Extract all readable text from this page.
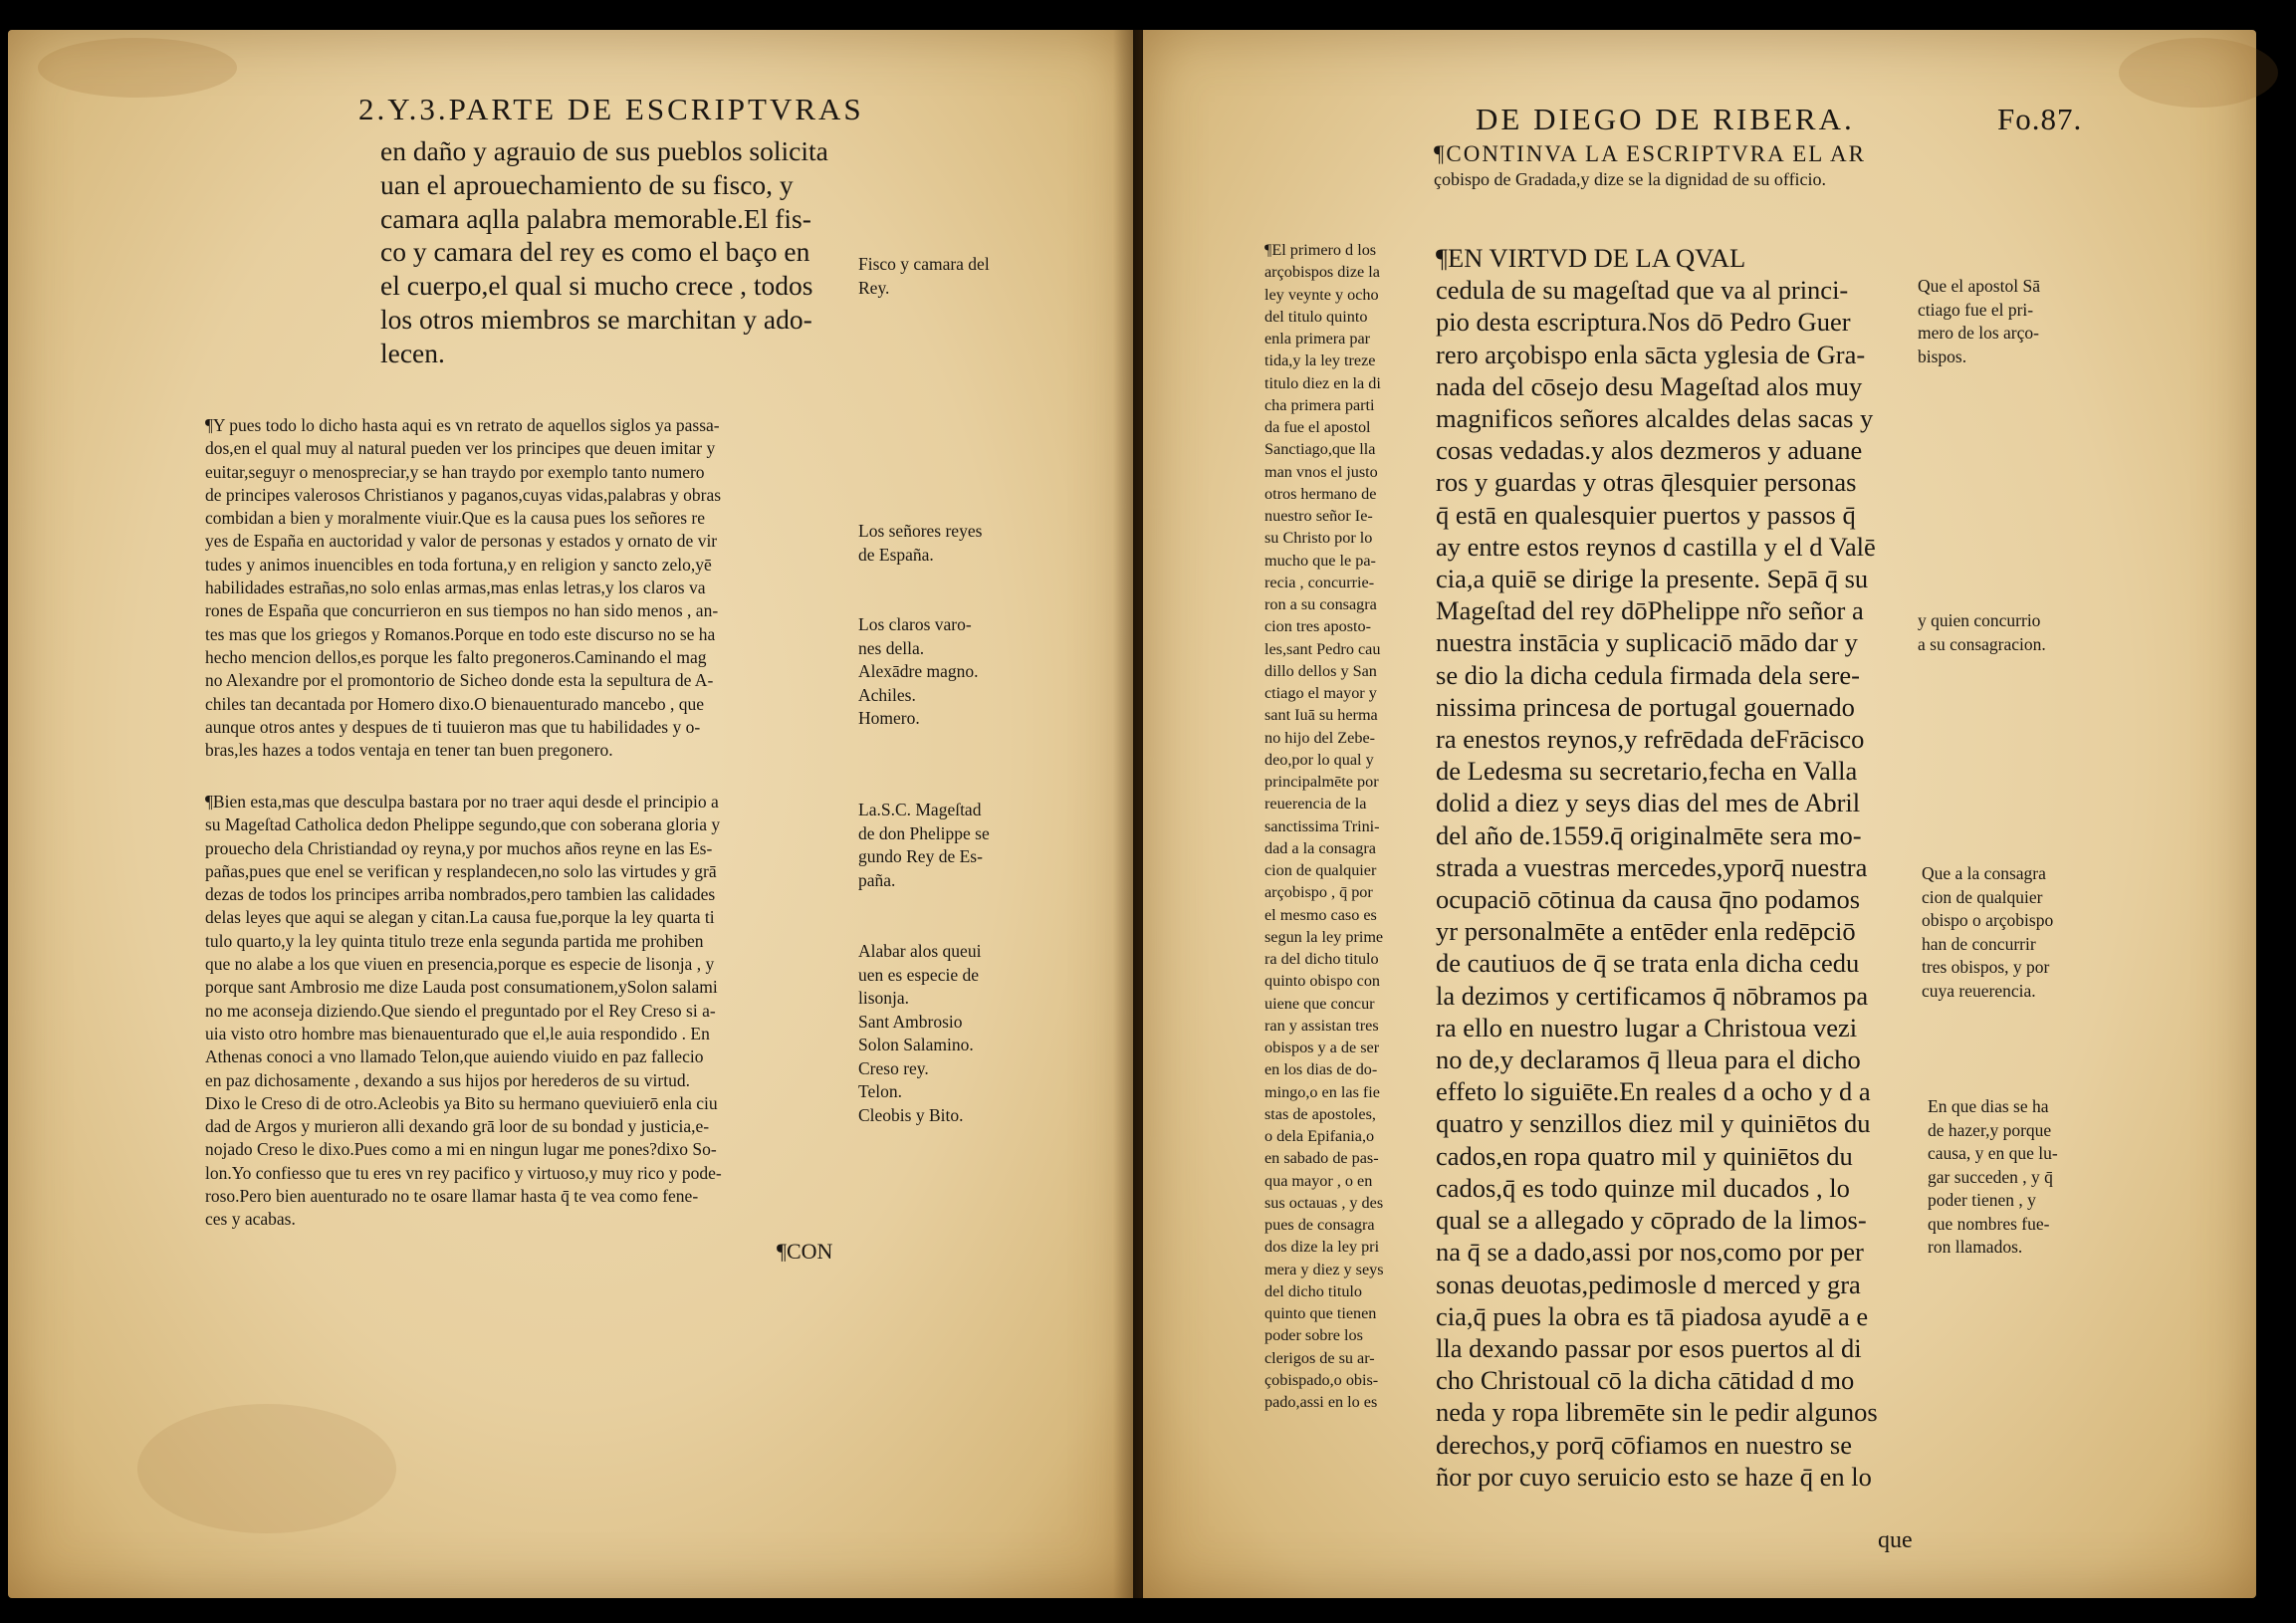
2.Y.3.PARTE DE ESCRIPTVRAS
en daño y agrauio de sus pueblos solicita
uan el aprouechamiento de su fisco, y
camara aqlla palabra memorable.El fis-
co y camara del rey es como el baço en
el cuerpo,el qual si mucho crece , todos
los otros miembros se marchitan y ado-
lecen.
¶Y pues todo lo dicho hasta aqui es vn retrato de aquellos siglos ya passa-
dos,en el qual muy al natural pueden ver los principes que deuen imitar y
euitar,seguyr o menospreciar,y se han traydo por exemplo tanto numero
de principes valerosos Christianos y paganos,cuyas vidas,palabras y obras
combidan a bien y moralmente viuir.Que es la causa pues los señores re
yes de España en auctoridad y valor de personas y estados y ornato de vir
tudes y animos inuencibles en toda fortuna,y en religion y sancto zelo,yē
habilidades estrañas,no solo enlas armas,mas enlas letras,y los claros va
rones de España que concurrieron en sus tiempos no han sido menos , an-
tes mas que los griegos y Romanos.Porque en todo este discurso no se ha
hecho mencion dellos,es porque les falto pregoneros.Caminando el mag
no Alexandre por el promontorio de Sicheo donde esta la sepultura de A-
chiles tan decantada por Homero dixo.O bienauenturado mancebo , que
aunque otros antes y despues de ti tuuieron mas que tu habilidades y o-
bras,les hazes a todos ventaja en tener tan buen pregonero.
¶Bien esta,mas que desculpa bastara por no traer aqui desde el principio a
su Mageſtad Catholica dedon Phelippe segundo,que con soberana gloria y
prouecho dela Christiandad oy reyna,y por muchos años reyne en las Es-
pañas,pues que enel se verifican y resplandecen,no solo las virtudes y grā
dezas de todos los principes arriba nombrados,pero tambien las calidades
delas leyes que aqui se alegan y citan.La causa fue,porque la ley quarta ti
tulo quarto,y la ley quinta titulo treze enla segunda partida me prohiben
que no alabe a los que viuen en presencia,porque es especie de lisonja , y
porque sant Ambrosio me dize Lauda post consumationem,ySolon salami
no me aconseja diziendo.Que siendo el preguntado por el Rey Creso si a-
uia visto otro hombre mas bienauenturado que el,le auia respondido . En
Athenas conoci a vno llamado Telon,que auiendo viuido en paz fallecio
en paz dichosamente , dexando a sus hijos por herederos de su virtud.
Dixo le Creso di de otro.Acleobis ya Bito su hermano queviuierō enla ciu
dad de Argos y murieron alli dexando grā loor de su bondad y justicia,e-
nojado Creso le dixo.Pues como a mi en ningun lugar me pones?dixo So-
lon.Yo confiesso que tu eres vn rey pacifico y virtuoso,y muy rico y pode-
roso.Pero bien auenturado no te osare llamar hasta q̄ te vea como fene-
ces y acabas.
¶CON
Fisco y camara del
Rey.
Los señores reyes
de España.
Los claros varo-
nes della.
Alexādre magno.
Achiles.
Homero.
La.S.C. Mageſtad
de don Phelippe se
gundo Rey de Es-
paña.
Alabar alos queui
uen es especie de
lisonja.
Sant Ambrosio
Solon Salamino.
Creso rey.
Telon.
Cleobis y Bito.
DE DIEGO DE RIBERA.	Fo.87.
¶CONTINVA LA ESCRIPTVRA EL AR
çobispo de Gradada,y dize se la dignidad de su officio.
¶El primero d los
arçobispos dize la
ley veynte y ocho
del titulo quinto
enla primera par
tida,y la ley treze
titulo diez en la di
cha primera parti
da fue el apostol
Sanctiago,que lla
man vnos el justo
otros hermano de
nuestro señor Ie-
su Christo por lo
mucho que le pa-
recia , concurrie-
ron a su consagra
cion tres aposto-
les,sant Pedro cau
dillo dellos y San
ctiago el mayor y
sant Iuā su herma
no hijo del Zebe-
deo,por lo qual y
principalmēte por
reuerencia de la
sanctissima Trini-
dad a la consagra
cion de qualquier
arçobispo , q̄ por
el mesmo caso es
segun la ley prime
ra del dicho titulo
quinto obispo con
uiene que concur
ran y assistan tres
obispos y a de ser
en los dias de do-
mingo,o en las fie
stas de apostoles,
o dela Epifania,o
en sabado de pas-
qua mayor , o en
sus octauas , y des
pues de consagra
dos dize la ley pri
mera y diez y seys
del dicho titulo
quinto que tienen
poder sobre los
clerigos de su ar-
çobispado,o obis-
pado,assi en lo es
¶EN VIRTVD DE LA QVAL
cedula de su mageſtad que va al princi-
pio desta escriptura.Nos dō Pedro Guer
rero arçobispo enla sācta yglesia de Gra-
nada del cōsejo desu Mageſtad alos muy
magnificos señores alcaldes delas sacas y
cosas vedadas.y alos dezmeros y aduane
ros y guardas y otras q̄lesquier personas
q̄ estā en qualesquier puertos y passos q̄
ay entre estos reynos d castilla y el d Valē
cia,a quiē se dirige la presente. Sepā q̄ su
Mageſtad del rey dōPhelippe nr̃o señor a
nuestra instācia y suplicaciō mādo dar y
se dio la dicha cedula firmada dela sere-
nissima princesa de portugal gouernado
ra enestos reynos,y refrēdada deFrācisco
de Ledesma su secretario,fecha en Valla
dolid a diez y seys dias del mes de Abril
del año de.1559.q̄ originalmēte sera mo-
strada a vuestras mercedes,yporq̄ nuestra
ocupaciō cōtinua da causa q̄no podamos
yr personalmēte a entēder enla redēpciō
de cautiuos de q̄ se trata enla dicha cedu
la dezimos y certificamos q̄ nōbramos pa
ra ello en nuestro lugar a Christoua vezi
no de,y declaramos q̄ lleua para el dicho
effeto lo siguiēte.En reales d a ocho y d a
quatro y senzillos diez mil y quiniētos du
cados,en ropa quatro mil y quiniētos du
cados,q̄ es todo quinze mil ducados , lo
qual se a allegado y cōprado de la limos-
na q̄ se a dado,assi por nos,como por per
sonas deuotas,pedimosle d merced y gra
cia,q̄ pues la obra es tā piadosa ayudē a e
lla dexando passar por esos puertos al di
cho Christoual cō la dicha cātidad d mo
neda y ropa libremēte sin le pedir algunos
derechos,y porq̄ cōfiamos en nuestro se
ñor por cuyo seruicio esto se haze q̄ en lo
que
Que el apostol Sā
ctiago fue el pri-
mero de los arço-
bispos.
y quien concurrio
a su consagracion.
Que a la consagra
cion de qualquier
obispo o arçobispo
han de concurrir
tres obispos, y por
cuya reuerencia.
En que dias se ha
de hazer,y porque
causa, y en que lu-
gar succeden , y q̄
poder tienen , y
que nombres fue-
ron llamados.
